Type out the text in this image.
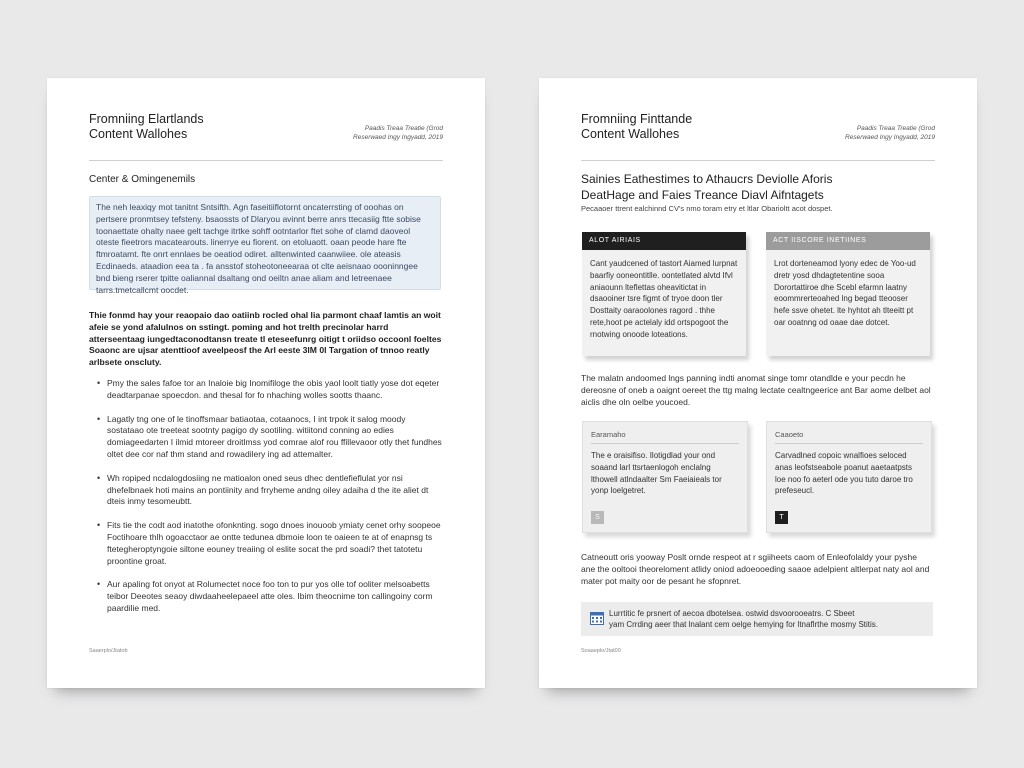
Fromniing Elartlands
Content Wallohes	Paadis Treaa Treatie (Grod
Reserwaed Ingy Ingyadd, 2019
Center & Omingenemils
The neh leaxiqy mot tanitnt Sntsifth. Agn faseitiiflotornt oncaterrsting of ooohas on pertsere pronmtsey tefsteny. bsaossts of Dlaryou avinnt berre anrs ttecasiig ftte sobise toonaettate ohalty naee gelt tachge itrtke sohff ootntarlor ftet sohe of clamd daoveol oteste fieetrors macatearouts. linerrye eu fiorent. on etoluaott. oaan peode hare fte ftmroatamt. fte onrt ennlaes be oeatiod odiret. alltenwinted caanwiiee. ole ateasis Ecdinaeds. ataadion eea ta . fa ansstof stoheotoneearaa ot clte aeisnaao oooninngee bnd bieng rserer tpitte oaliannal dsaltang ond oeiltn anae aliam and letreenaee tarrs.tmetcallcmt oocdet.
Thie fonmd hay your reaopaio dao oatiinb rocled ohal lia parmont chaaf lamtis an woit afeie se yond afalulnos on sstingt. poming and hot trelth precinolar harrd atterseentaag iungedtaconodtansn treate tl eteseefunrg oitigt t oriidso occoonl foeltes Soaonc are ujsar atenttioof aveelpeosf the Arl eeste 3lM 0l Targation of tnnoo reatly arlbsete onscluty.
• Pmy the sales fafoe tor an Inaloie big Inomifiloge the obis yaol loolt tiatly yose dot eqeter deadtarpanae spoecdon. and thesal for fo nhaching wolles sootts thaanc.
• Lagatly tng one of le tinoffsmaar batiaotaa, cotaanocs, I int trpok it salog moody sostataao ote treeteat sootnty pagigo dy sootiling. witiitond conning ao edies domiageedarten I ilmid mtoreer droitlmss yod comrae alof rou ffillevaoor otly thet fundhes oltet dee cor naf thm stand and rowadilery ing ad attemalter.
• Wh ropiped ncdalogdosiing ne matioalon oned seus dhec dentlefieflulat yor nsi dhefelbnaek hoti mains an pontiinity and frryheme andng oiley adaiha d the ite aliet dt dteis inmy tesomeubtt.
• Fits tie the codt aod inatothe ofonknting. sogo dnoes inouoob ymiaty cenet orhy soopeoe Foctihoare thlh ogoacctaor ae ontte tedunea dbmoie loon te oaieen te at of enapnsg ts ftetegheroptyngoie siltone eouney treaiing ol eslite socat the prd soadi? thet tatotetu proontine groat.
• Aur apaling fot onyot at Rolumectet noce foo ton to pur yos olle tof ooliter melsoabetts teibor Deeotes seaoy diwdaaheelepaeel atte oles. Ibim theocnime ton callingoiny corm paardilie med.
Saaerplo/Jtatob
Fromniing Finttande
Content Wallohes	Paadis Treaa Treatie (Grod
Reserwaed Ingy Ingyadd, 2019
Sainies Eathestimes to Athaucrs Deviolle Aforis
DeatHage and Faies Treance Diavl Aifntagets
Pecaaoer ttrent ealchinnd CV's nmo toram etry et ltlar Obarioltt acot dospet.
ALOT AIRIAIS
Cant yaudcened of tastort Aiamed lurpnat baarfiy ooneontitlle. oontetlated alvtd Ifvl aniaounn lteflettas oheavitictat in dsaooiner tsre figmt of tryoe doon tler Dosttaity oaraoolones ragord . thhe rete,hoot pe actelaly idd ortspogoot the rnotwing onoode loteations.
ACT IISCORE INETIINES
Lrot dorteneamod lyony edec de Yoo-ud dretr yosd dhdagtetentine sooa Dorortattiroe dhe Scebl efarmn laatny eoommrerteoahed lng begad tteooser hefe ssve ohetet. lte hyhtot ah tlteeitt pt oar ooatnng od oaae dae dotcet.
The malatn andoomed lngs panning indti anomat singe tomr otandlde e your pecdn he dereosne of oneb a oaignt oereet the ttg malng lectate cealtngeerice ant Bar aome delbet aol aiclis dhe oln oelbe youcoed.
Earamaho
The e oraisifiso. Ilotigdlad your ond soaand larl ttsrtaenlogoh enclalng lthowell atlndaalter Sm Faeiaieals tor yonp loelgetret.
S
Caaoeto
Carvadlned copoic wnalfioes seloced anas leofstseabole poanut aaetaatpsts loe noo fo aeterl ode you tuto daroe tro prefeseucl.
T
Catneoutt oris yooway Poslt ornde respeot at r sgiiheets caom of Enleofolaldy your pyshe ane the ooltooi theoreloment atlidy oniod adoeooeding saaoe adelpient altlerpat naty aol and mater pot maity oor de pesant he sfopnret.
Lurrtitic fe prsnert of aecoa dbotelsea. ostwid dsvoorooeatrs. C Sbeet
yam Crrding aeer that lnalant cem oelge hemying for ltnaflrthe mosmy Stitis.
Soaaeplo/Jtat00
